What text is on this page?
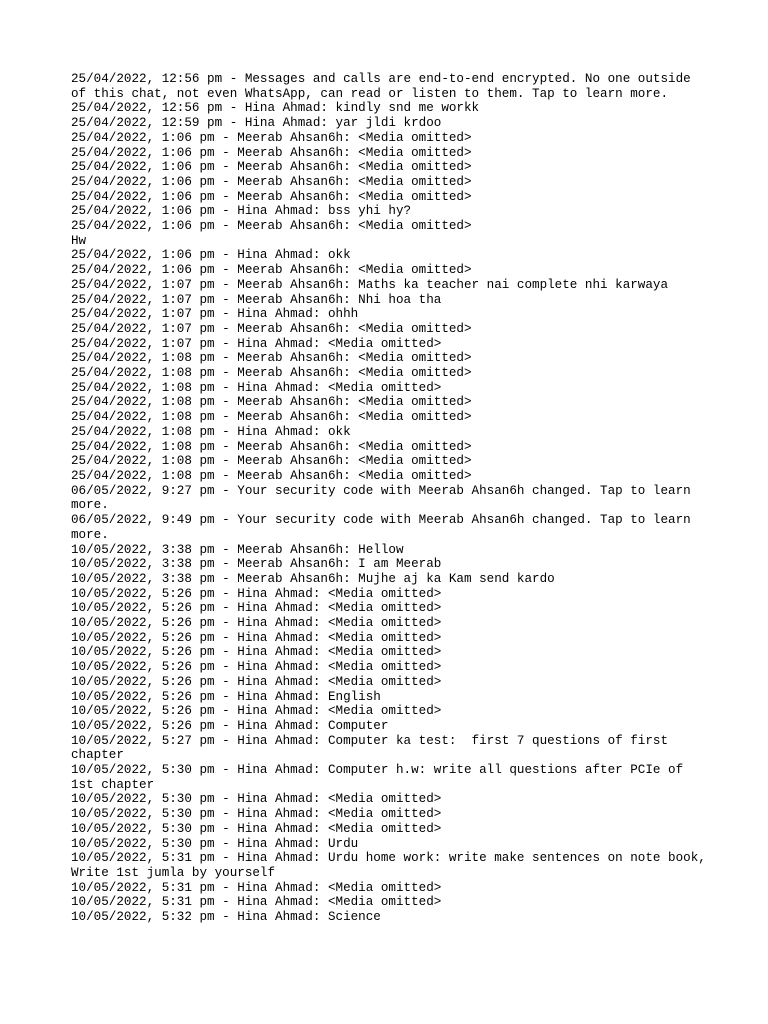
25/04/2022, 12:56 pm - Messages and calls are end-to-end encrypted. No one outside of this chat, not even WhatsApp, can read or listen to them. Tap to learn more.
25/04/2022, 12:56 pm - Hina Ahmad: kindly snd me workk
25/04/2022, 12:59 pm - Hina Ahmad: yar jldi krdoo
25/04/2022, 1:06 pm - Meerab Ahsan6h: <Media omitted>
25/04/2022, 1:06 pm - Meerab Ahsan6h: <Media omitted>
25/04/2022, 1:06 pm - Meerab Ahsan6h: <Media omitted>
25/04/2022, 1:06 pm - Meerab Ahsan6h: <Media omitted>
25/04/2022, 1:06 pm - Meerab Ahsan6h: <Media omitted>
25/04/2022, 1:06 pm - Hina Ahmad: bss yhi hy?
25/04/2022, 1:06 pm - Meerab Ahsan6h: <Media omitted>
Hw
25/04/2022, 1:06 pm - Hina Ahmad: okk
25/04/2022, 1:06 pm - Meerab Ahsan6h: <Media omitted>
25/04/2022, 1:07 pm - Meerab Ahsan6h: Maths ka teacher nai complete nhi karwaya
25/04/2022, 1:07 pm - Meerab Ahsan6h: Nhi hoa tha
25/04/2022, 1:07 pm - Hina Ahmad: ohhh
25/04/2022, 1:07 pm - Meerab Ahsan6h: <Media omitted>
25/04/2022, 1:07 pm - Hina Ahmad: <Media omitted>
25/04/2022, 1:08 pm - Meerab Ahsan6h: <Media omitted>
25/04/2022, 1:08 pm - Meerab Ahsan6h: <Media omitted>
25/04/2022, 1:08 pm - Hina Ahmad: <Media omitted>
25/04/2022, 1:08 pm - Meerab Ahsan6h: <Media omitted>
25/04/2022, 1:08 pm - Meerab Ahsan6h: <Media omitted>
25/04/2022, 1:08 pm - Hina Ahmad: okk
25/04/2022, 1:08 pm - Meerab Ahsan6h: <Media omitted>
25/04/2022, 1:08 pm - Meerab Ahsan6h: <Media omitted>
25/04/2022, 1:08 pm - Meerab Ahsan6h: <Media omitted>
06/05/2022, 9:27 pm - Your security code with Meerab Ahsan6h changed. Tap to learn more.
06/05/2022, 9:49 pm - Your security code with Meerab Ahsan6h changed. Tap to learn more.
10/05/2022, 3:38 pm - Meerab Ahsan6h: Hellow
10/05/2022, 3:38 pm - Meerab Ahsan6h: I am Meerab
10/05/2022, 3:38 pm - Meerab Ahsan6h: Mujhe aj ka Kam send kardo
10/05/2022, 5:26 pm - Hina Ahmad: <Media omitted>
10/05/2022, 5:26 pm - Hina Ahmad: <Media omitted>
10/05/2022, 5:26 pm - Hina Ahmad: <Media omitted>
10/05/2022, 5:26 pm - Hina Ahmad: <Media omitted>
10/05/2022, 5:26 pm - Hina Ahmad: <Media omitted>
10/05/2022, 5:26 pm - Hina Ahmad: <Media omitted>
10/05/2022, 5:26 pm - Hina Ahmad: <Media omitted>
10/05/2022, 5:26 pm - Hina Ahmad: English
10/05/2022, 5:26 pm - Hina Ahmad: <Media omitted>
10/05/2022, 5:26 pm - Hina Ahmad: Computer
10/05/2022, 5:27 pm - Hina Ahmad: Computer ka test:  first 7 questions of first chapter
10/05/2022, 5:30 pm - Hina Ahmad: Computer h.w: write all questions after PCIe of 1st chapter
10/05/2022, 5:30 pm - Hina Ahmad: <Media omitted>
10/05/2022, 5:30 pm - Hina Ahmad: <Media omitted>
10/05/2022, 5:30 pm - Hina Ahmad: <Media omitted>
10/05/2022, 5:30 pm - Hina Ahmad: Urdu
10/05/2022, 5:31 pm - Hina Ahmad: Urdu home work: write make sentences on note book,
Write 1st jumla by yourself
10/05/2022, 5:31 pm - Hina Ahmad: <Media omitted>
10/05/2022, 5:31 pm - Hina Ahmad: <Media omitted>
10/05/2022, 5:32 pm - Hina Ahmad: Science
